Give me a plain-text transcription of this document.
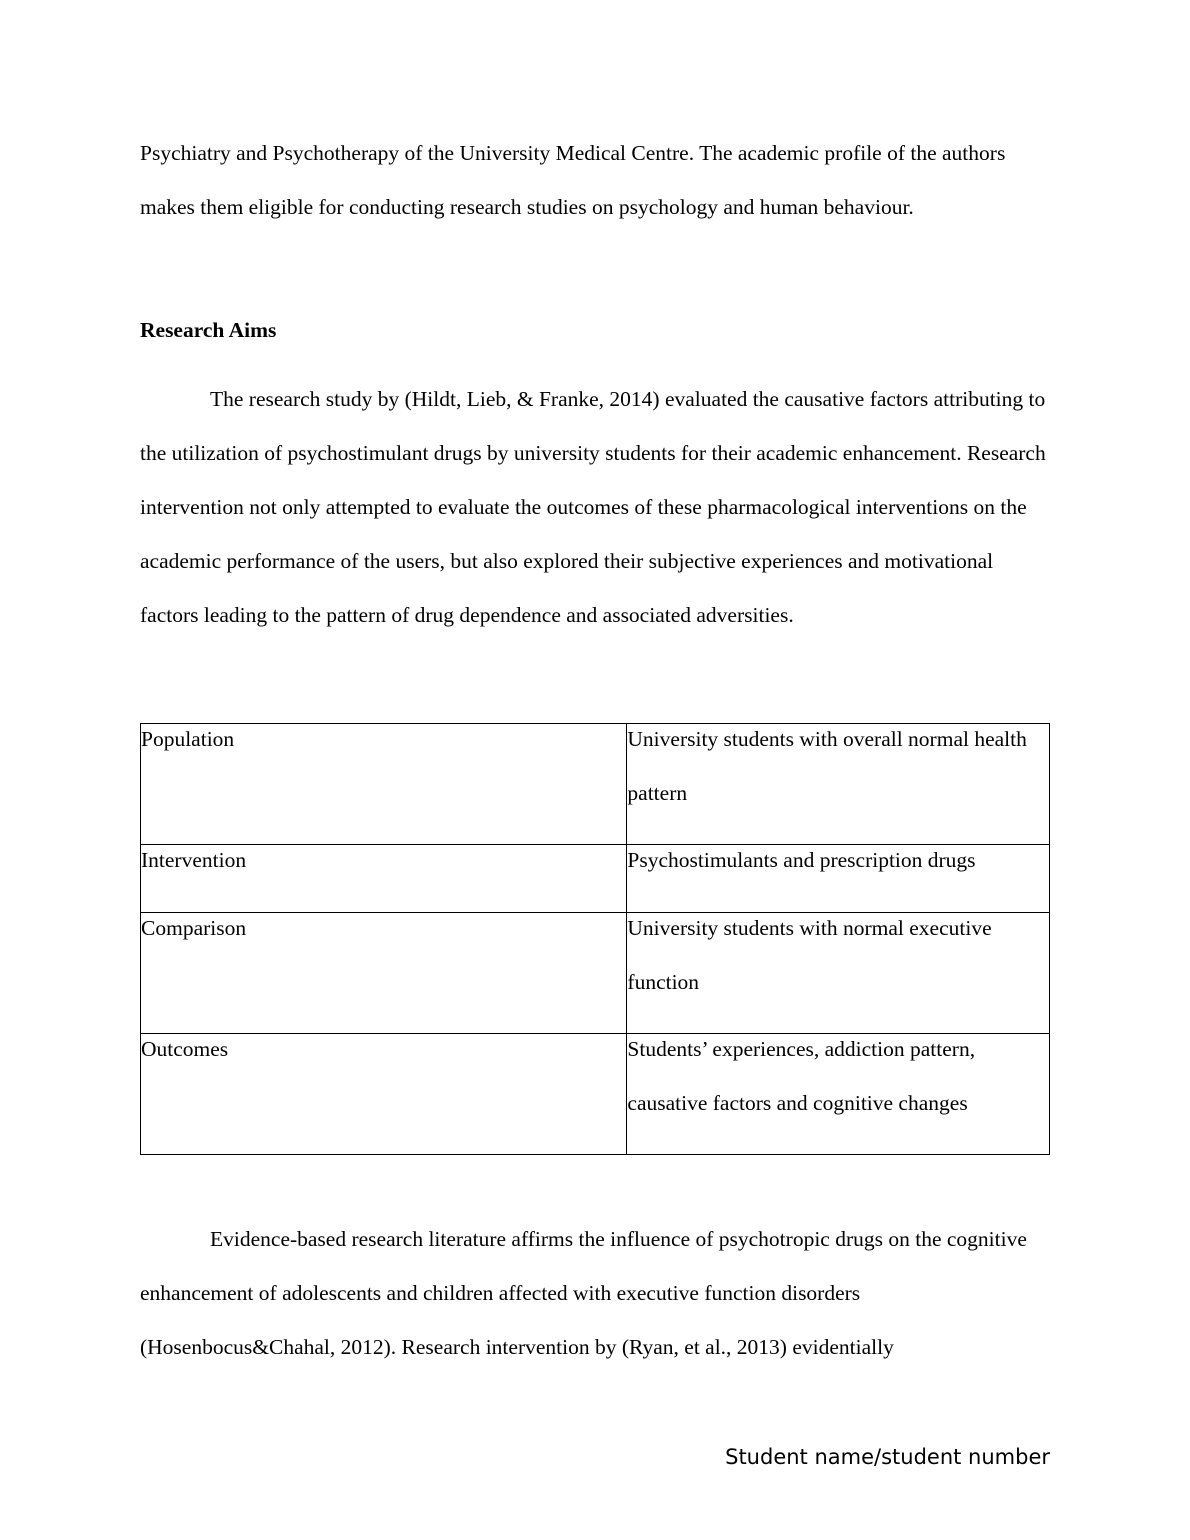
Psychiatry and Psychotherapy of the University Medical Centre. The academic profile of the authors makes them eligible for conducting research studies on psychology and human behaviour.

Research Aims

The research study by (Hildt, Lieb, & Franke, 2014) evaluated the causative factors attributing to the utilization of psychostimulant drugs by university students for their academic enhancement. Research intervention not only attempted to evaluate the outcomes of these pharmacological interventions on the academic performance of the users, but also explored their subjective experiences and motivational factors leading to the pattern of drug dependence and associated adversities.

Population	University students with overall normal health pattern

Intervention	Psychostimulants and prescription drugs

Comparison	University students with normal executive function

Outcomes	Students’ experiences, addiction pattern, causative factors and cognitive changes

Evidence-based research literature affirms the influence of psychotropic drugs on the cognitive enhancement of adolescents and children affected with executive function disorders (Hosenbocus&Chahal, 2012). Research intervention by (Ryan, et al., 2013) evidentially

Student name/student number
